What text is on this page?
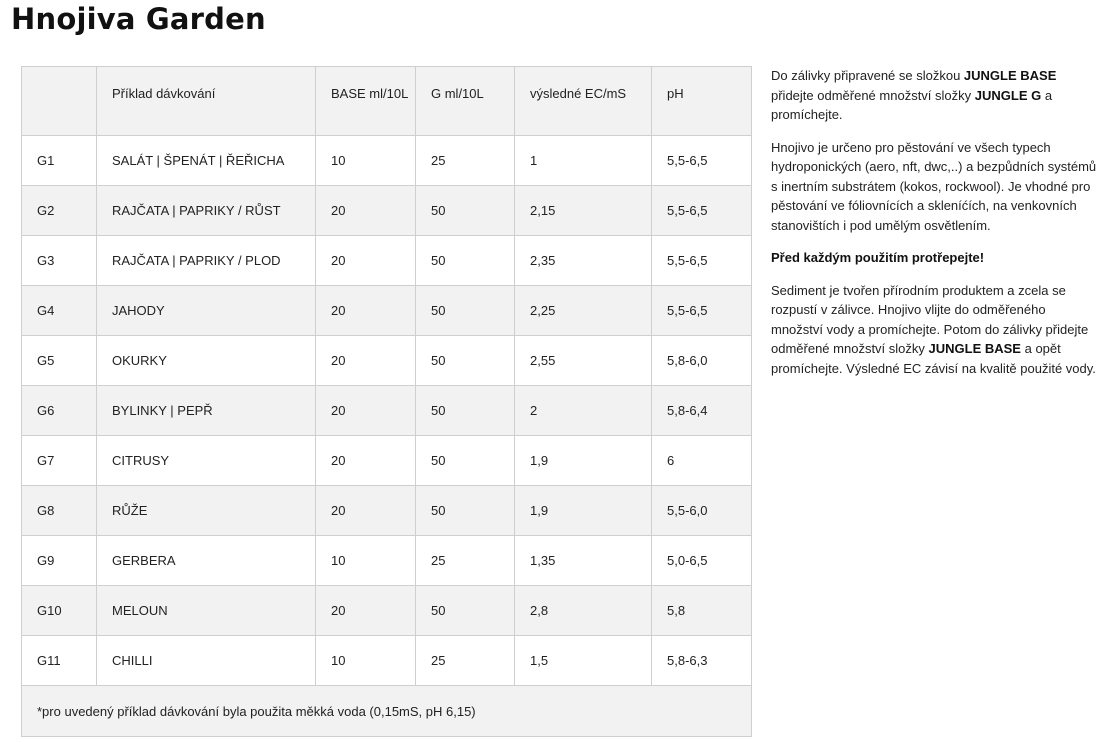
Hnojiva Garden
	Příklad dávkování	BASE ml/10L	G ml/10L	výsledné EC/mS	pH
G1	SALÁT | ŠPENÁT | ŘEŘICHA	10	25	1	5,5-6,5
G2	RAJČATA | PAPRIKY / RŮST	20	50	2,15	5,5-6,5
G3	RAJČATA | PAPRIKY / PLOD	20	50	2,35	5,5-6,5
G4	JAHODY	20	50	2,25	5,5-6,5
G5	OKURKY	20	50	2,55	5,8-6,0
G6	BYLINKY | PEPŘ	20	50	2	5,8-6,4
G7	CITRUSY	20	50	1,9	6
G8	RŮŽE	20	50	1,9	5,5-6,0
G9	GERBERA	10	25	1,35	5,0-6,5
G10	MELOUN	20	50	2,8	5,8
G11	CHILLI	10	25	1,5	5,8-6,3
*pro uvedený příklad dávkování byla použita měkká voda (0,15mS, pH 6,15)					

Do zálivky připravené se složkou JUNGLE BASE přidejte odměřené množství složky JUNGLE G a promíchejte.

Hnojivo je určeno pro pěstování ve všech typech hydroponických (aero, nft, dwc,..) a bezpůdních systémů s inertním substrátem (kokos, rockwool). Je vhodné pro pěstování ve fóliovnících a skleníćích, na venkovních stanovištích i pod umělým osvětlením.

Před každým použitím protřepejte!

Sediment je tvořen přírodním produktem a zcela se rozpustí v zálivce. Hnojivo vlijte do odměřeného množství vody a promíchejte. Potom do zálivky přidejte odměřené množství složky JUNGLE BASE a opět promíchejte. Výsledné EC závisí na kvalitě použité vody.
